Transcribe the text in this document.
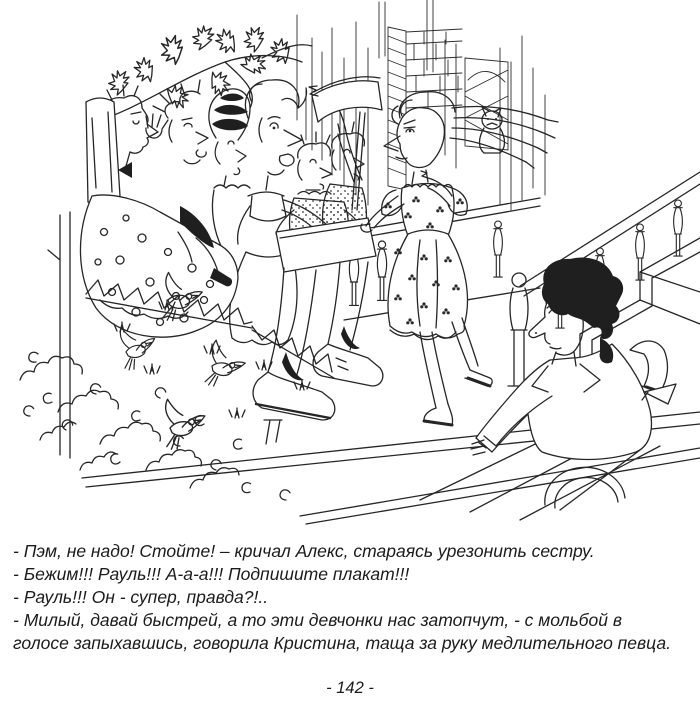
- Пэм, не надо! Стойте! – кричал Алекс, стараясь урезонить сестру.

- Бежим!!! Рауль!!! А-а-а!!! Подпишите плакат!!!

- Рауль!!! Он - супер, правда?!..

- Милый, давай быстрей, а то эти девчонки нас затопчут, - с мольбой в

голосе запыхавшись, говорила Кристина, таща за руку медлительного певца.

- 142 -
